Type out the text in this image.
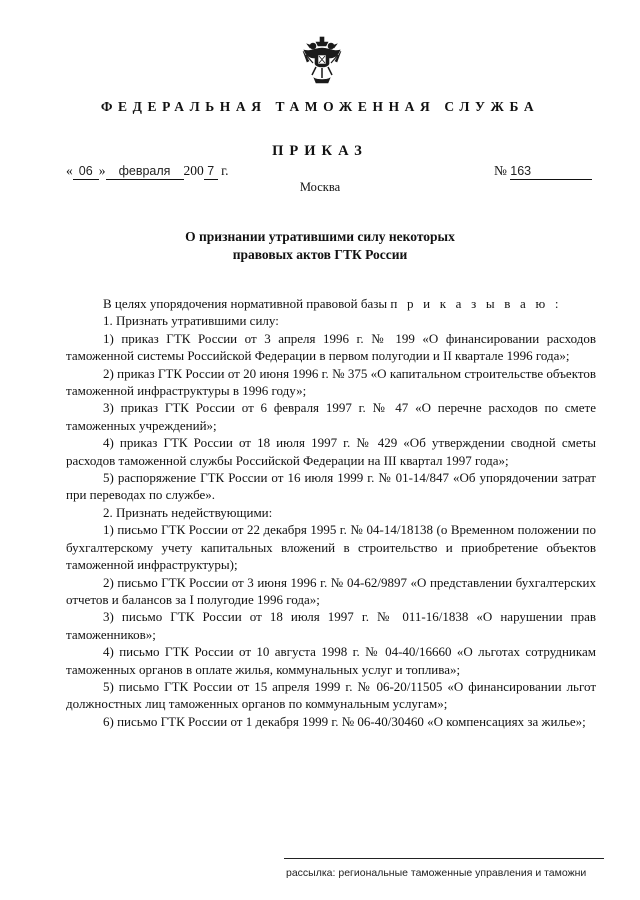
ФЕДЕРАЛЬНАЯ ТАМОЖЕННАЯ СЛУЖБА
ПРИКАЗ
« 06 » февраля 200 7 г.	№ 163
Москва
О признании утратившими силу некоторых
правовых актов ГТК России
В целях упорядочения нормативной правовой базы п р и к а з ы в а ю :
1. Признать утратившими силу:
1) приказ ГТК России от 3 апреля 1996 г. № 199 «О финансировании расходов таможенной системы Российской Федерации в первом полугодии и II квартале 1996 года»;
2) приказ ГТК России от 20 июня 1996 г. № 375 «О капитальном строительстве объектов таможенной инфраструктуры в 1996 году»;
3) приказ ГТК России от 6 февраля 1997 г. № 47 «О перечне расходов по смете таможенных учреждений»;
4) приказ ГТК России от 18 июля 1997 г. № 429 «Об утверждении сводной сметы расходов таможенной службы Российской Федерации на III квартал 1997 года»;
5) распоряжение ГТК России от 16 июля 1999 г. № 01-14/847 «Об упорядочении затрат при переводах по службе».
2. Признать недействующими:
1) письмо ГТК России от 22 декабря 1995 г. № 04-14/18138 (о Временном положении по бухгалтерскому учету капитальных вложений в строительство и приобретение объектов таможенной инфраструктуры);
2) письмо ГТК России от 3 июня 1996 г. № 04-62/9897 «О представлении бухгалтерских отчетов и балансов за I полугодие 1996 года»;
3) письмо ГТК России от 18 июля 1997 г. № 011-16/1838 «О нарушении прав таможенников»;
4) письмо ГТК России от 10 августа 1998 г. № 04-40/16660 «О льготах сотрудникам таможенных органов в оплате жилья, коммунальных услуг и топлива»;
5) письмо ГТК России от 15 апреля 1999 г. № 06-20/11505 «О финансировании льгот должностных лиц таможенных органов по коммунальным услугам»;
6) письмо ГТК России от 1 декабря 1999 г. № 06-40/30460 «О компенсациях за жилье»;
рассылка: региональные таможенные управления и таможни
